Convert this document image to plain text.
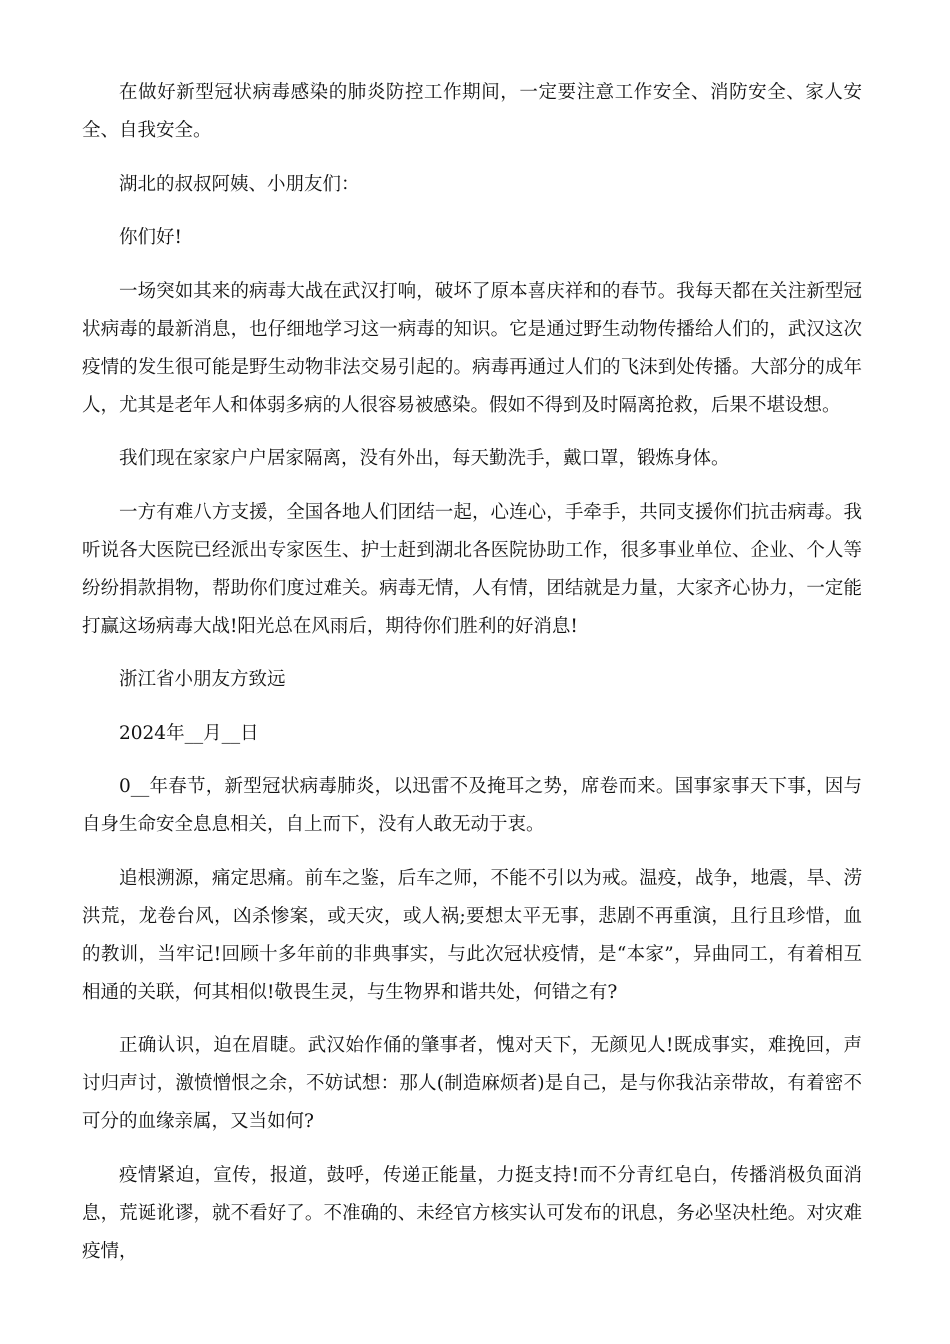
在做好新型冠状病毒感染的肺炎防控工作期间，一定要注意工作安全、消防安全、家人安全、自我安全。

湖北的叔叔阿姨、小朋友们：

你们好!

一场突如其来的病毒大战在武汉打响，破坏了原本喜庆祥和的春节。我每天都在关注新型冠状病毒的最新消息，也仔细地学习这一病毒的知识。它是通过野生动物传播给人们的，武汉这次疫情的发生很可能是野生动物非法交易引起的。病毒再通过人们的飞沫到处传播。大部分的成年人，尤其是老年人和体弱多病的人很容易被感染。假如不得到及时隔离抢救，后果不堪设想。

我们现在家家户户居家隔离，没有外出，每天勤洗手，戴口罩，锻炼身体。

一方有难八方支援，全国各地人们团结一起，心连心，手牵手，共同支援你们抗击病毒。我听说各大医院已经派出专家医生、护士赶到湖北各医院协助工作，很多事业单位、企业、个人等纷纷捐款捐物，帮助你们度过难关。病毒无情，人有情，团结就是力量，大家齐心协力，一定能打赢这场病毒大战!阳光总在风雨后，期待你们胜利的好消息!

浙江省小朋友方致远

2024年__月__日

0__年春节，新型冠状病毒肺炎，以迅雷不及掩耳之势，席卷而来。国事家事天下事，因与自身生命安全息息相关，自上而下，没有人敢无动于衷。

追根溯源，痛定思痛。前车之鉴，后车之师，不能不引以为戒。温疫，战争，地震，旱、涝洪荒，龙卷台风，凶杀惨案，或天灾，或人祸;要想太平无事，悲剧不再重演，且行且珍惜，血的教训，当牢记!回顾十多年前的非典事实，与此次冠状疫情，是“本家”，异曲同工，有着相互相通的关联，何其相似!敬畏生灵，与生物界和谐共处，何错之有?

正确认识，迫在眉睫。武汉始作俑的肇事者，愧对天下，无颜见人!既成事实，难挽回，声讨归声讨，激愤憎恨之余，不妨试想：那人(制造麻烦者)是自己，是与你我沾亲带故，有着密不可分的血缘亲属，又当如何?

疫情紧迫，宣传，报道，鼓呼，传递正能量，力挺支持!而不分青红皂白，传播消极负面消息，荒诞讹谬，就不看好了。不准确的、未经官方核实认可发布的讯息，务必坚决杜绝。对灾难疫情，
